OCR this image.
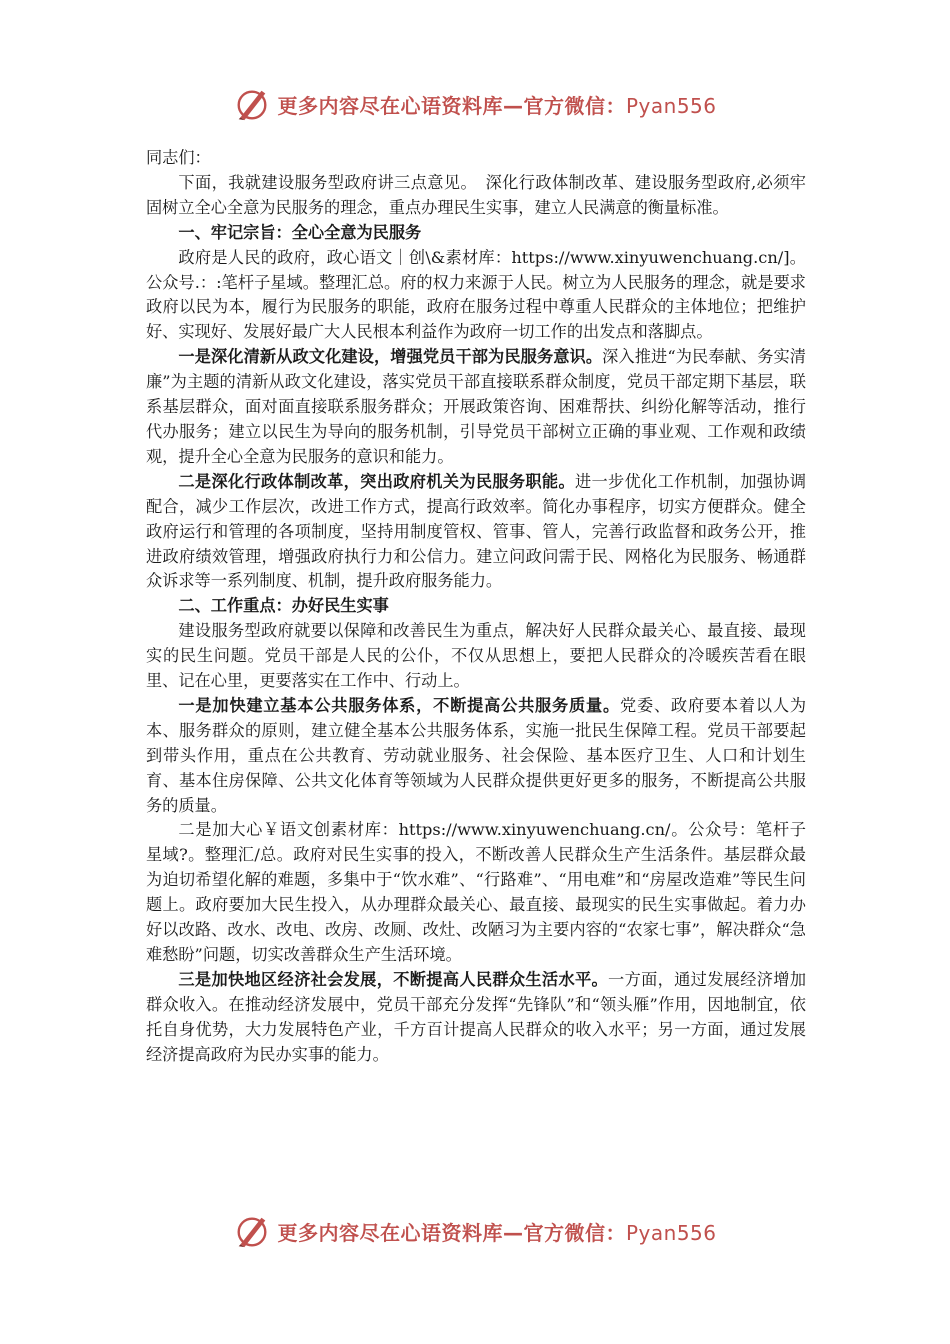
更多内容尽在心语资料库—官方微信：Pyan556

同志们：

下面，我就建设服务型政府讲三点意见。　深化行政体制改革、建设服务型政府,必须牢固树立全心全意为民服务的理念，重点办理民生实事，建立人民满意的衡量标准。

一、牢记宗旨：全心全意为民服务

政府是人民的政府，政心语文｜创\&素材库：https://www.xinyuwenchuang.cn/]。公众号.：:笔杆子星域。整理汇总。府的权力来源于人民。树立为人民服务的理念，就是要求政府以民为本，履行为民服务的职能，政府在服务过程中尊重人民群众的主体地位；把维护好、实现好、发展好最广大人民根本利益作为政府一切工作的出发点和落脚点。

一是深化清新从政文化建设，增强党员干部为民服务意识。深入推进“为民奉献、务实清廉”为主题的清新从政文化建设，落实党员干部直接联系群众制度，党员干部定期下基层，联系基层群众，面对面直接联系服务群众；开展政策咨询、困难帮扶、纠纷化解等活动，推行代办服务；建立以民生为导向的服务机制，引导党员干部树立正确的事业观、工作观和政绩观，提升全心全意为民服务的意识和能力。

二是深化行政体制改革，突出政府机关为民服务职能。进一步优化工作机制，加强协调配合，减少工作层次，改进工作方式，提高行政效率。简化办事程序，切实方便群众。健全政府运行和管理的各项制度，坚持用制度管权、管事、管人，完善行政监督和政务公开，推进政府绩效管理，增强政府执行力和公信力。建立问政问需于民、网格化为民服务、畅通群众诉求等一系列制度、机制，提升政府服务能力。

二、工作重点：办好民生实事

建设服务型政府就要以保障和改善民生为重点，解决好人民群众最关心、最直接、最现实的民生问题。党员干部是人民的公仆，不仅从思想上，要把人民群众的冷暖疾苦看在眼里、记在心里，更要落实在工作中、行动上。

一是加快建立基本公共服务体系，不断提高公共服务质量。党委、政府要本着以人为本、服务群众的原则，建立健全基本公共服务体系，实施一批民生保障工程。党员干部要起到带头作用，重点在公共教育、劳动就业服务、社会保险、基本医疗卫生、人口和计划生育、基本住房保障、公共文化体育等领域为人民群众提供更好更多的服务，不断提高公共服务的质量。

二是加大心￥语文创素材库：https://www.xinyuwenchuang.cn/。公众号：笔杆子星域?。整理汇/总。政府对民生实事的投入，不断改善人民群众生产生活条件。基层群众最为迫切希望化解的难题，多集中于“饮水难”、“行路难”、“用电难”和“房屋改造难”等民生问题上。政府要加大民生投入，从办理群众最关心、最直接、最现实的民生实事做起。着力办好以改路、改水、改电、改房、改厕、改灶、改陋习为主要内容的“农家七事”，解决群众“急难愁盼”问题，切实改善群众生产生活环境。

三是加快地区经济社会发展，不断提高人民群众生活水平。一方面，通过发展经济增加群众收入。在推动经济发展中，党员干部充分发挥“先锋队”和“领头雁”作用，因地制宜，依托自身优势，大力发展特色产业，千方百计提高人民群众的收入水平；另一方面，通过发展经济提高政府为民办实事的能力。

更多内容尽在心语资料库—官方微信：Pyan556
